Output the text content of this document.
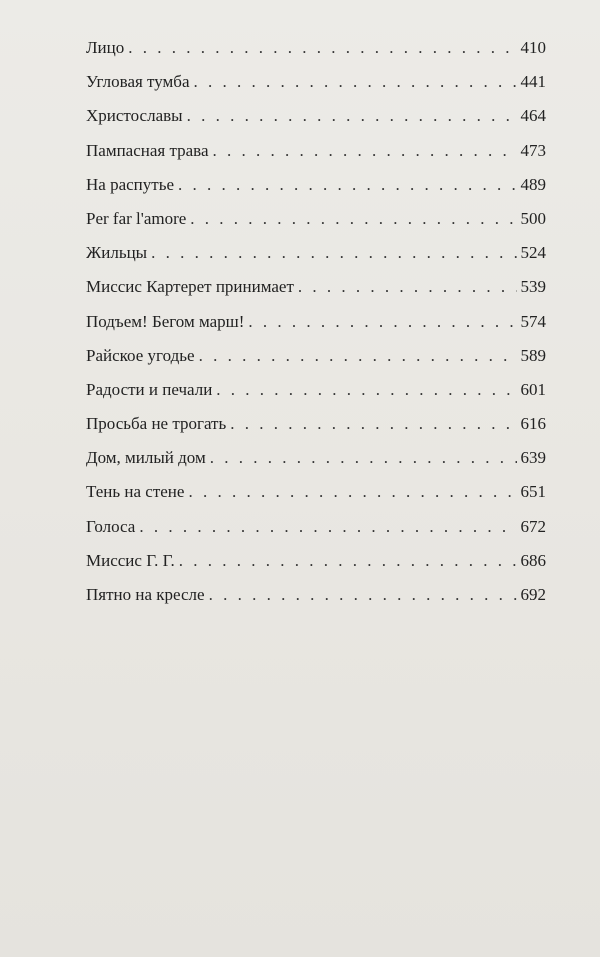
Лицо . . .	410
Угловая тумба . . .	441
Христославы . . .	464
Пампасная трава . . .	473
На распутье . . .	489
Per far l'amore . . .	500
Жильцы . . .	524
Миссис Картерет принимает . . .	539
Подъем! Бегом марш! . . .	574
Райское угодье . . .	589
Радости и печали . . .	601
Просьба не трогать . . .	616
Дом, милый дом . . .	639
Тень на стене . . .	651
Голоса . . .	672
Миссис Г. Г. . . .	686
Пятно на кресле . . .	692
